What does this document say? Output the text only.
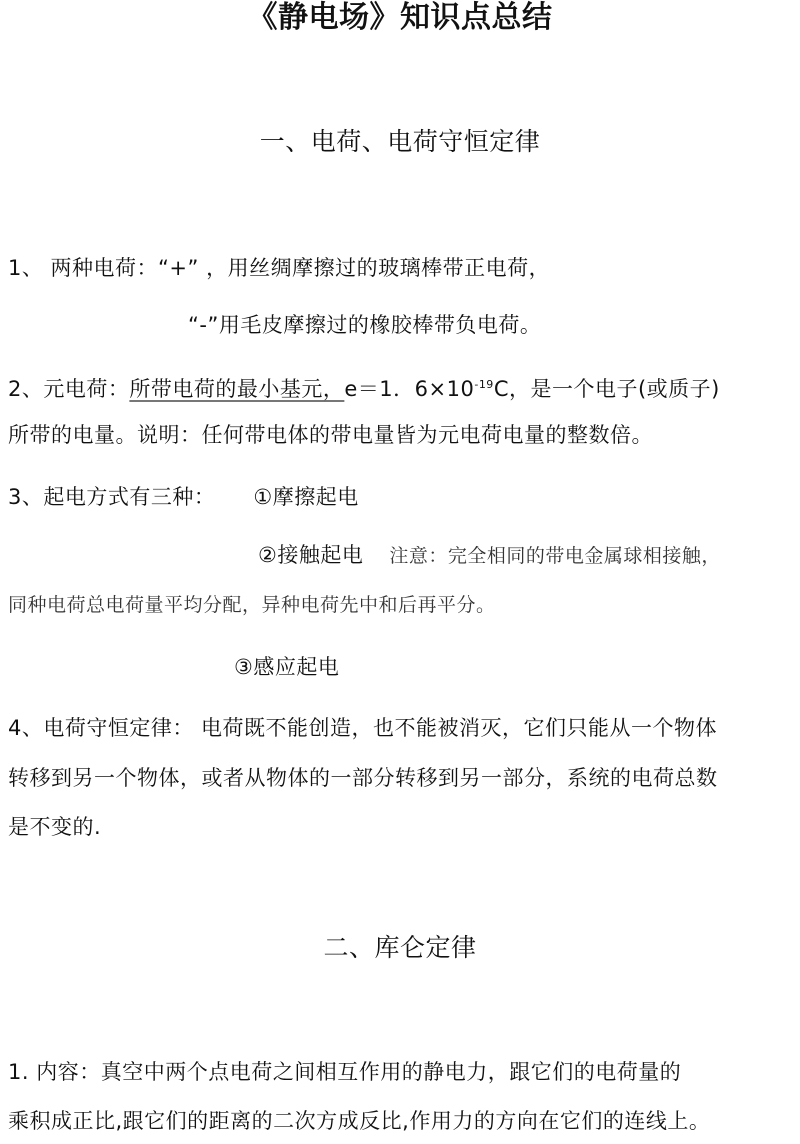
《静电场》知识点总结
一、电荷、电荷守恒定律
1、 两种电荷：“+” ，用丝绸摩擦过的玻璃棒带正电荷，
“-”用毛皮摩擦过的橡胶棒带负电荷。
2、元电荷：所带电荷的最小基元，e＝1．$6\times 10^{-19}C$，是一个电子(或质子)
所带的电量。说明：任何带电体的带电量皆为元电荷电量的整数倍。
3、起电方式有三种： ①摩擦起电
②接触起电 注意：完全相同的带电金属球相接触，
同种电荷总电荷量平均分配，异种电荷先中和后再平分。
③感应起电
4、电荷守恒定律： 电荷既不能创造，也不能被消灭，它们只能从一个物体
转移到另一个物体，或者从物体的一部分转移到另一部分，系统的电荷总数
是不变的.
二、库仑定律
1. 内容：真空中两个点电荷之间相互作用的静电力，跟它们的电荷量的
乘积成正比,跟它们的距离的二次方成反比,作用力的方向在它们的连线上。
